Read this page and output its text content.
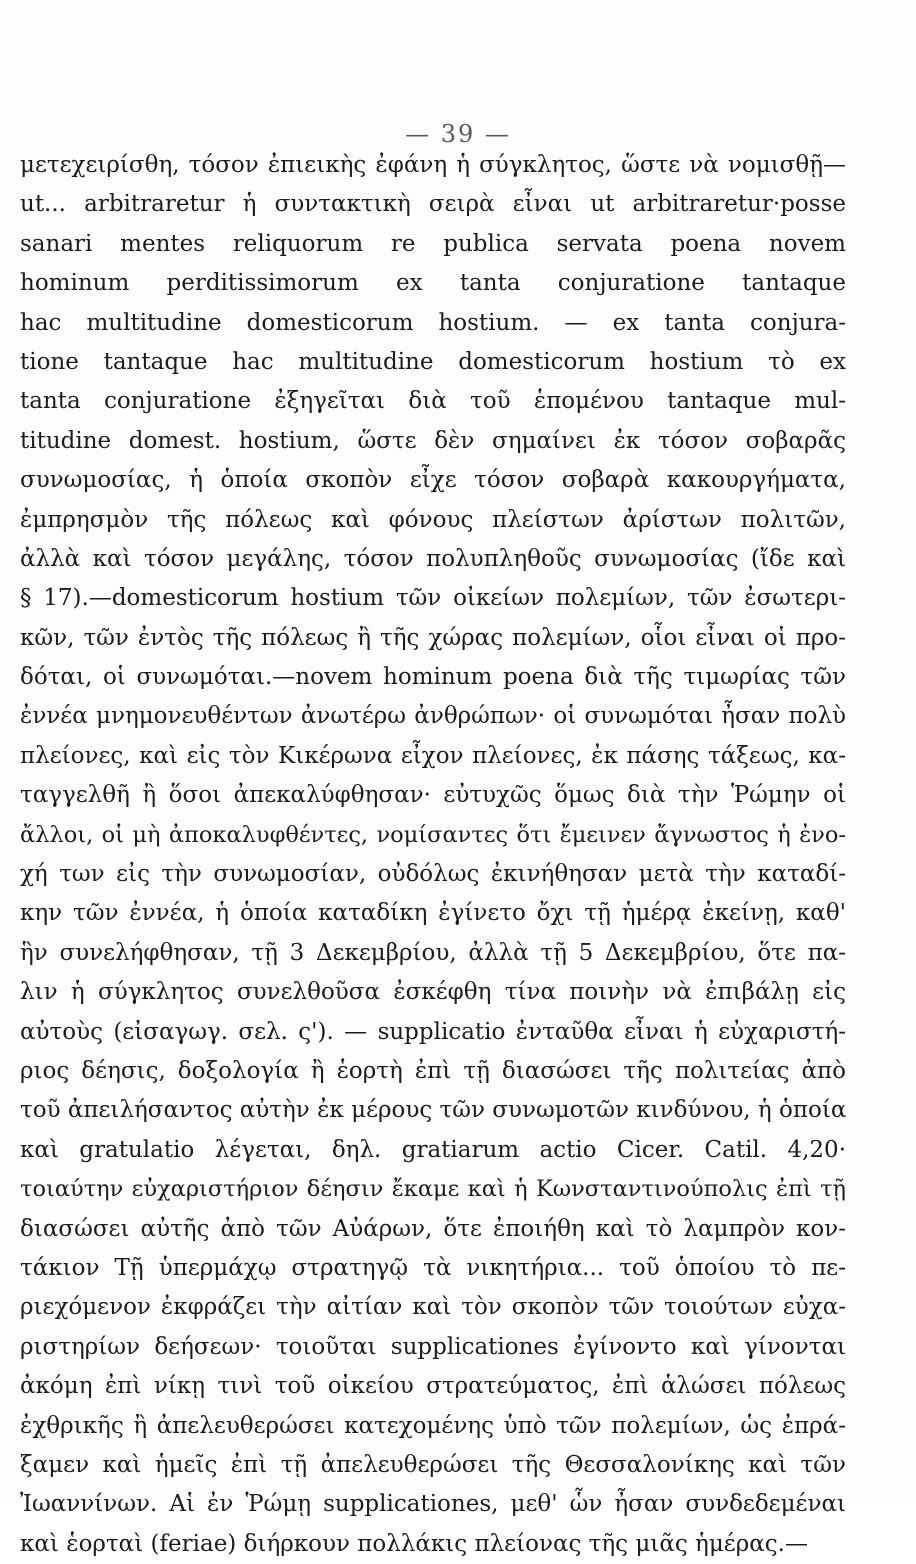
— 39 —
μετεχειρίσθη, τόσον ἐπιεικὴς ἐφάνη ἡ σύγκλητος, ὥστε νὰ νομισθῇ—
ut... arbitraretur ἡ συντακτικὴ σειρὰ εἶναι ut arbitraretur·posse
sanari mentes reliquorum re publica servata poena novem
hominum perditissimorum ex tanta conjuratione tantaque
hac multitudine domesticorum hostium. — ex tanta conjura-
tione tantaque hac multitudine domesticorum hostium τὸ ex
tanta conjuratione ἐξηγεῖται διὰ τοῦ ἑπομένου tantaque mul-
titudine domest. hostium, ὥστε δὲν σημαίνει ἐκ τόσον σοβαρᾶς
συνωμοσίας, ἡ ὁποία σκοπὸν εἶχε τόσον σοβαρὰ κακουργήματα,
ἐμπρησμὸν τῆς πόλεως καὶ φόνους πλείστων ἀρίστων πολιτῶν,
ἀλλὰ καὶ τόσον μεγάλης, τόσον πολυπληθοῦς συνωμοσίας (ἴδε καὶ
§ 17).—domesticorum hostium τῶν οἰκείων πολεμίων, τῶν ἐσωτερι-
κῶν, τῶν ἐντὸς τῆς πόλεως ἢ τῆς χώρας πολεμίων, οἷοι εἶναι οἱ προ-
δόται, οἱ συνωμόται.—novem hominum poena διὰ τῆς τιμωρίας τῶν
ἐννέα μνημονευθέντων ἀνωτέρω ἀνθρώπων· οἱ συνωμόται ἦσαν πολὺ
πλείονες, καὶ εἰς τὸν Κικέρωνα εἶχον πλείονες, ἐκ πάσης τάξεως, κα-
ταγγελθῆ ἢ ὅσοι ἀπεκαλύφθησαν· εὐτυχῶς ὅμως διὰ τὴν Ῥώμην οἱ
ἄλλοι, οἱ μὴ ἀποκαλυφθέντες, νομίσαντες ὅτι ἔμεινεν ἄγνωστος ἡ ἐνο-
χή των εἰς τὴν συνωμοσίαν, οὐδόλως ἐκινήθησαν μετὰ τὴν καταδί-
κην τῶν ἐννέα, ἡ ὁποία καταδίκη ἐγίνετο ὄχι τῇ ἡμέρᾳ ἐκείνῃ, καθ'
ἣν συνελήφθησαν, τῇ 3 Δεκεμβρίου, ἀλλὰ τῇ 5 Δεκεμβρίου, ὅτε πα-
λιν ἡ σύγκλητος συνελθοῦσα ἐσκέφθη τίνα ποινὴν νὰ ἐπιβάλῃ εἰς
αὐτοὺς (εἰσαγωγ. σελ. ς'). — supplicatio ἐνταῦθα εἶναι ἡ εὐχαριστή-
ριος δέησις, δοξολογία ἢ ἑορτὴ ἐπὶ τῇ διασώσει τῆς πολιτείας ἀπὸ
τοῦ ἀπειλήσαντος αὐτὴν ἐκ μέρους τῶν συνωμοτῶν κινδύνου, ἡ ὁποία
καὶ gratulatio λέγεται, δηλ. gratiarum actio Cicer. Catil. 4,20·
τοιαύτην εὐχαριστήριον δέησιν ἔκαμε καὶ ἡ Κωνσταντινούπολις ἐπὶ τῇ
διασώσει αὐτῆς ἀπὸ τῶν Αὐάρων, ὅτε ἐποιήθη καὶ τὸ λαμπρὸν κον-
τάκιον Τῇ ὑπερμάχῳ στρατηγῷ τὰ νικητήρια... τοῦ ὁποίου τὸ πε-
ριεχόμενον ἐκφράζει τὴν αἰτίαν καὶ τὸν σκοπὸν τῶν τοιούτων εὐχα-
ριστηρίων δεήσεων· τοιοῦται supplicationes ἐγίνοντο καὶ γίνονται
ἀκόμη ἐπὶ νίκῃ τινὶ τοῦ οἰκείου στρατεύματος, ἐπὶ ἁλώσει πόλεως
ἐχθρικῆς ἢ ἀπελευθερώσει κατεχομένης ὑπὸ τῶν πολεμίων, ὡς ἐπρά-
ξαμεν καὶ ἡμεῖς ἐπὶ τῇ ἀπελευθερώσει τῆς Θεσσαλονίκης καὶ τῶν
Ἰωαννίνων. Αἱ ἐν Ῥώμῃ supplicationes, μεθ' ὧν ἦσαν συνδεδεμέναι
καὶ ἑορταὶ (feriae) διήρκουν πολλάκις πλείονας τῆς μιᾶς ἡμέρας.—
